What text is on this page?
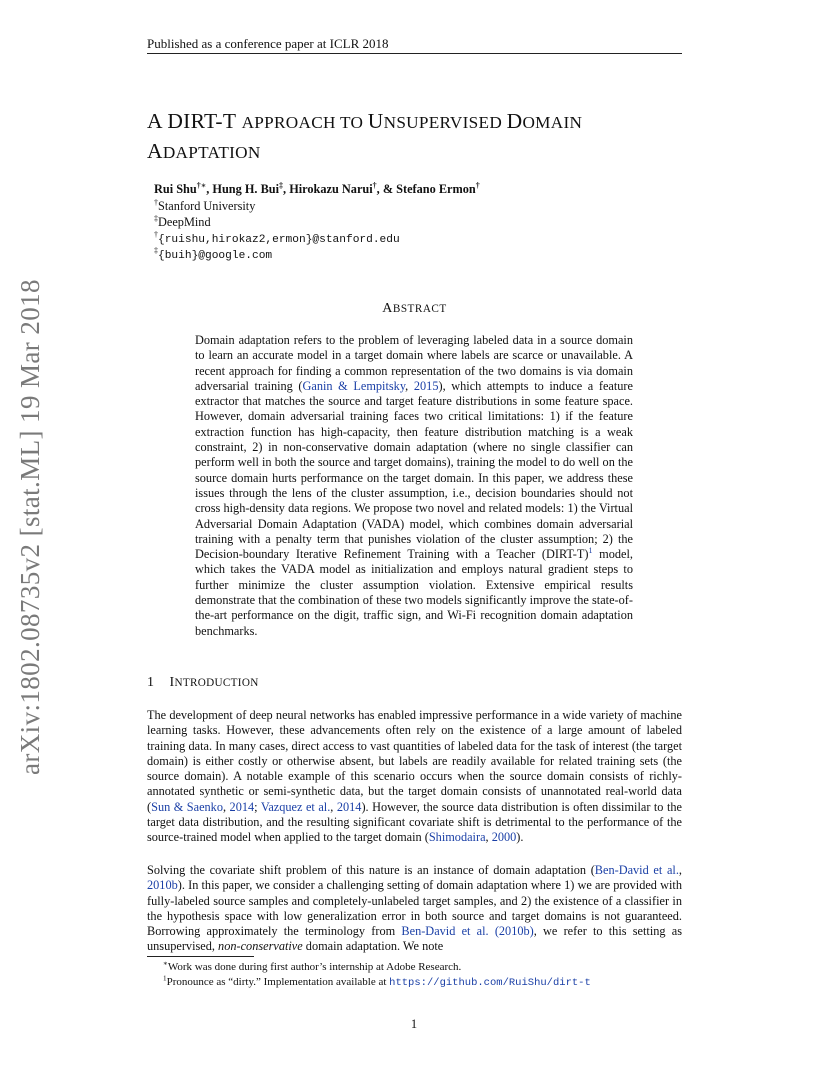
Published as a conference paper at ICLR 2018
arXiv:1802.08735v2 [stat.ML] 19 Mar 2018
A DIRT-T APPROACH TO UNSUPERVISED DOMAIN
ADAPTATION
Rui Shu†∗, Hung H. Bui‡, Hirokazu Narui†, & Stefano Ermon†
†Stanford University
‡DeepMind
†{ruishu,hirokaz2,ermon}@stanford.edu
‡{buih}@google.com
ABSTRACT
Domain adaptation refers to the problem of leveraging labeled data in a source domain to learn an accurate model in a target domain where labels are scarce or unavailable. A recent approach for finding a common representation of the two domains is via domain adversarial training (Ganin & Lempitsky, 2015), which attempts to induce a feature extractor that matches the source and target feature distributions in some feature space. However, domain adversarial training faces two critical limitations: 1) if the feature extraction function has high-capacity, then feature distribution matching is a weak constraint, 2) in non-conservative domain adaptation (where no single classifier can perform well in both the source and target domains), training the model to do well on the source domain hurts performance on the target domain. In this paper, we address these issues through the lens of the cluster assumption, i.e., decision boundaries should not cross high-density data regions. We propose two novel and related models: 1) the Virtual Adversarial Domain Adaptation (VADA) model, which combines domain adversarial training with a penalty term that punishes violation of the cluster assumption; 2) the Decision-boundary Iterative Refinement Training with a Teacher (DIRT-T)$^1$ model, which takes the VADA model as initialization and employs natural gradient steps to further minimize the cluster assumption violation. Extensive empirical results demonstrate that the combination of these two models significantly improve the state-of-the-art performance on the digit, traffic sign, and Wi-Fi recognition domain adaptation benchmarks.
1 INTRODUCTION
The development of deep neural networks has enabled impressive performance in a wide variety of machine learning tasks. However, these advancements often rely on the existence of a large amount of labeled training data. In many cases, direct access to vast quantities of labeled data for the task of interest (the target domain) is either costly or otherwise absent, but labels are readily available for related training sets (the source domain). A notable example of this scenario occurs when the source domain consists of richly-annotated synthetic or semi-synthetic data, but the target domain consists of unannotated real-world data (Sun & Saenko, 2014; Vazquez et al., 2014). However, the source data distribution is often dissimilar to the target data distribution, and the resulting significant covariate shift is detrimental to the performance of the source-trained model when applied to the target domain (Shimodaira, 2000).
Solving the covariate shift problem of this nature is an instance of domain adaptation (Ben-David et al., 2010b). In this paper, we consider a challenging setting of domain adaptation where 1) we are provided with fully-labeled source samples and completely-unlabeled target samples, and 2) the existence of a classifier in the hypothesis space with low generalization error in both source and target domains is not guaranteed. Borrowing approximately the terminology from Ben-David et al. (2010b), we refer to this setting as unsupervised, non-conservative domain adaptation. We note
∗Work was done during first author’s internship at Adobe Research.
$^1$Pronounce as “dirty.” Implementation available at https://github.com/RuiShu/dirt-t
1
